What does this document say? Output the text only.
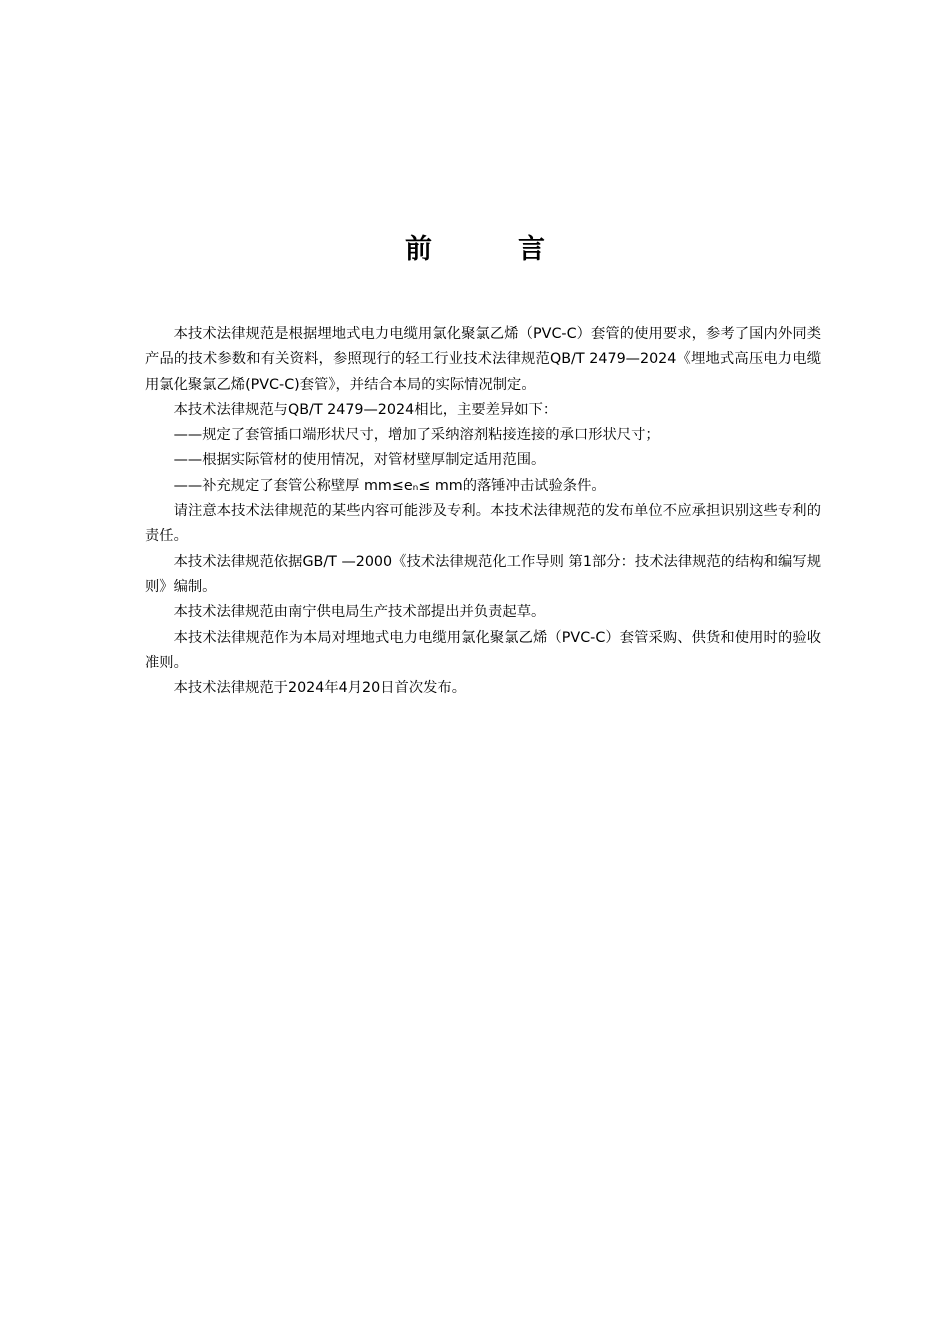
前	言

本技术法律规范是根据埋地式电力电缆用氯化聚氯乙烯（PVC-C）套管的使用要求，参考了国内外同类产品的技术参数和有关资料，参照现行的轻工行业技术法律规范QB/T 2479—2024《埋地式高压电力电缆用氯化聚氯乙烯(PVC-C)套管》，并结合本局的实际情况制定。

本技术法律规范与QB/T 2479—2024相比，主要差异如下：

——规定了套管插口端形状尺寸，增加了采纳溶剂粘接连接的承口形状尺寸；

——根据实际管材的使用情况，对管材壁厚制定适用范围。

——补充规定了套管公称壁厚 mm≤eₙ≤ mm的落锤冲击试验条件。

请注意本技术法律规范的某些内容可能涉及专利。本技术法律规范的发布单位不应承担识别这些专利的责任。

本技术法律规范依据GB/T —2000《技术法律规范化工作导则 第1部分：技术法律规范的结构和编写规则》编制。

本技术法律规范由南宁供电局生产技术部提出并负责起草。

本技术法律规范作为本局对埋地式电力电缆用氯化聚氯乙烯（PVC-C）套管采购、供货和使用时的验收准则。

本技术法律规范于2024年4月20日首次发布。
